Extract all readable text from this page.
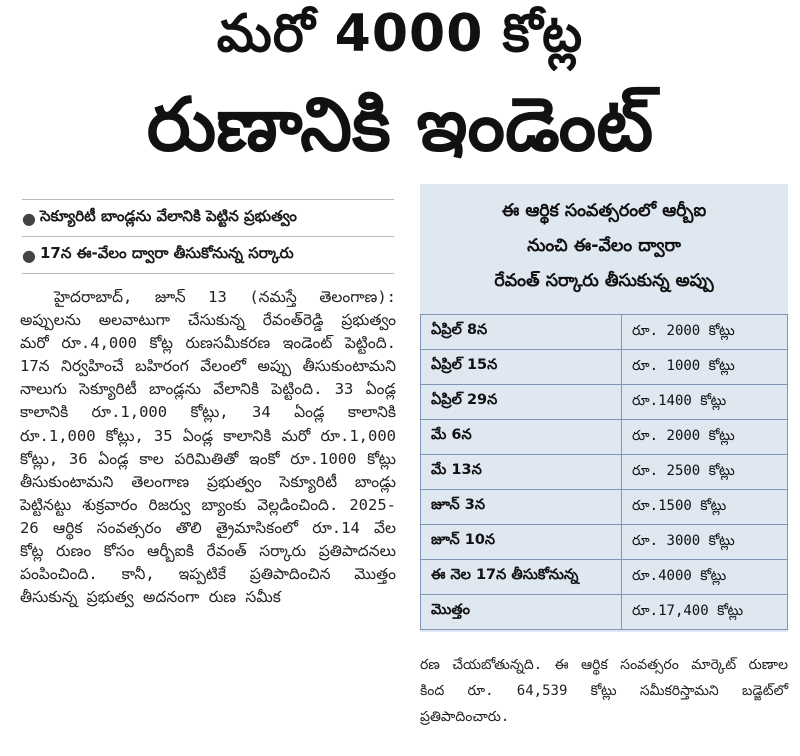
మరో 4000 కోట్ల
రుణానికి ఇండెంట్
● సెక్యూరిటీ బాండ్లను వేలానికి పెట్టిన ప్రభుత్వం
● 17న ఈ-వేలం ద్వారా తీసుకోనున్న సర్కారు

హైదరాబాద్, జూన్ 13 (నమస్తే తెలంగాణ): అప్పులను అలవాటుగా చేసుకున్న రేవంత్‌రెడ్డి ప్రభుత్వం మరో రూ.4,000 కోట్ల రుణసమీకరణ ఇండెంట్ పెట్టింది. 17న నిర్వహించే బహిరంగ వేలంలో అప్పు తీసుకుంటామని నాలుగు సెక్యూరిటీ బాండ్లను వేలానికి పెట్టింది. 33 ఏండ్ల కాలానికి రూ.1,000 కోట్లు, 34 ఏండ్ల కాలానికి రూ.1,000 కోట్లు, 35 ఏండ్ల కాలానికి మరో రూ.1,000 కోట్లు, 36 ఏండ్ల కాల పరిమితితో ఇంకో రూ.1000 కోట్లు తీసుకుంటామని తెలంగాణ ప్రభుత్వం సెక్యూరిటీ బాండ్లు పెట్టినట్టు శుక్రవారం రిజర్వు బ్యాంకు వెల్లడించింది. 2025-26 ఆర్థిక సంవత్సరం తొలి త్రైమాసికంలో రూ.14 వేల కోట్ల రుణం కోసం ఆర్బీఐకి రేవంత్ సర్కారు ప్రతిపాదనలు పంపించింది. కానీ, ఇప్పటికే ప్రతిపాదించిన మొత్తం తీసుకున్న ప్రభుత్వ అదనంగా రుణ సమీక

ఈ ఆర్థిక సంవత్సరంలో ఆర్బీఐ
నుంచి ఈ-వేలం ద్వారా
రేవంత్ సర్కారు తీసుకున్న అప్పు
ఏప్రిల్ 8న	రూ. 2000 కోట్లు
ఏప్రిల్ 15న	రూ. 1000 కోట్లు
ఏప్రిల్ 29న	రూ.1400 కోట్లు
మే 6న	రూ. 2000 కోట్లు
మే 13న	రూ. 2500 కోట్లు
జూన్ 3న	రూ.1500 కోట్లు
జూన్ 10న	రూ. 3000 కోట్లు
ఈ నెల 17న తీసుకోనున్న	రూ.4000 కోట్లు
మొత్తం	రూ.17,400 కోట్లు
రణ చేయబోతున్నది. ఈ ఆర్థిక సంవత్సరం మార్కెట్ రుణాల కింద రూ. 64,539 కోట్లు సమీకరిస్తామని బడ్జెట్‌లో ప్రతిపాదించారు.
